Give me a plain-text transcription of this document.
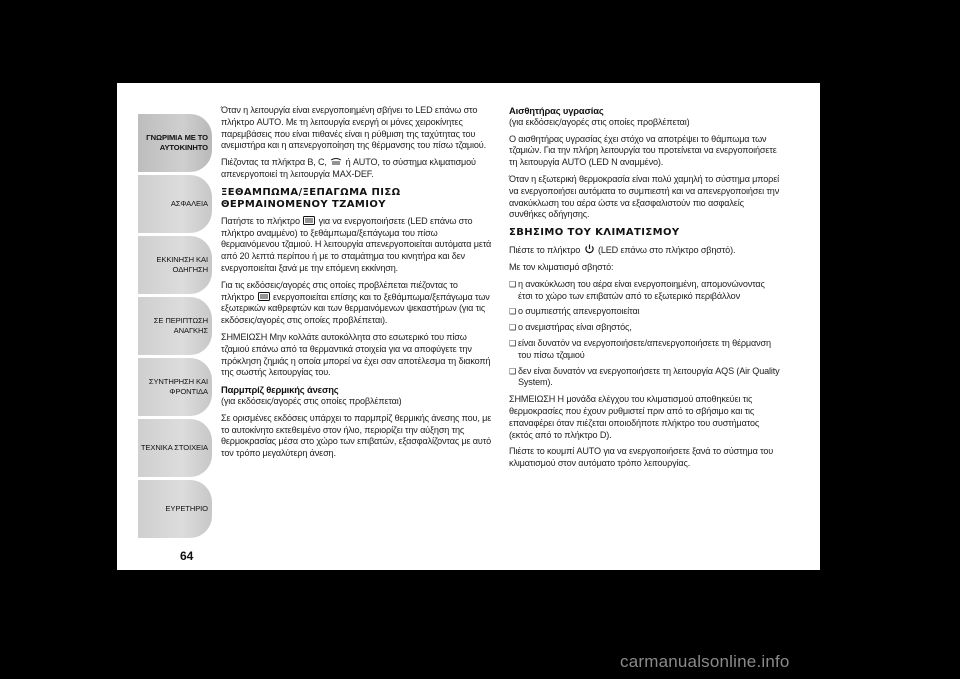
ΓΝΩΡΙΜΙΑ ΜΕ ΤΟ
ΑΥΤΟΚΙΝΗΤΟ
ΑΣΦΑΛΕΙΑ
ΕΚΚΙΝΗΣΗ ΚΑΙ
ΟΔΗΓΗΣΗ
ΣΕ ΠΕΡΙΠΤΩΣΗ
ΑΝΑΓΚΗΣ
ΣΥΝΤΗΡΗΣΗ ΚΑΙ
ΦΡΟΝΤΙΔΑ
ΤΕΧΝΙΚΑ ΣΤΟΙΧΕΙΑ
ΕΥΡΕΤΗΡΙΟ
64

Όταν η λειτουργία είναι ενεργοποιημένη σβήνει το LED επάνω στο πλήκτρο AUTO. Με τη λειτουργία ενεργή οι μόνες χειροκίνητες παρεμβάσεις που είναι πιθανές είναι η ρύθμιση της ταχύτητας του ανεμιστήρα και η απενεργοποίηση της θέρμανσης του πίσω τζαμιού.

Πιέζοντας τα πλήκτρα B, C, ή AUTO, το σύστημα κλιματισμού απενεργοποιεί τη λειτουργία MAX-DEF.

ΞΕΘΑΜΠΩΜΑ/ΞΕΠΑΓΩΜΑ ΠΙΣΩ ΘΕΡΜΑΙΝΟΜΕΝΟΥ ΤΖΑΜΙΟΥ

Πατήστε το πλήκτρο για να ενεργοποιήσετε (LED επάνω στο πλήκτρο αναμμένο) το ξεθάμπωμα/ξεπάγωμα του πίσω θερμαινόμενου τζαμιού. Η λειτουργία απενεργοποιείται αυτόματα μετά από 20 λεπτά περίπου ή με το σταμάτημα του κινητήρα και δεν ενεργοποιείται ξανά με την επόμενη εκκίνηση.

Για τις εκδόσεις/αγορές στις οποίες προβλέπεται πιέζοντας το πλήκτρο ενεργοποιείται επίσης και το ξεθάμπωμα/ξεπάγωμα των εξωτερικών καθρεφτών και των θερμαινόμενων ψεκαστήρων (για τις εκδόσεις/αγορές στις οποίες προβλέπεται).

ΣΗΜΕΙΩΣΗ Μην κολλάτε αυτοκόλλητα στο εσωτερικό του πίσω τζαμιού επάνω από τα θερμαντικά στοιχεία για να αποφύγετε την πρόκληση ζημιάς η οποία μπορεί να έχει σαν αποτέλεσμα τη διακοπή της σωστής λειτουργίας του.

Παρμπρίζ θερμικής άνεσης

(για εκδόσεις/αγορές στις οποίες προβλέπεται)

Σε ορισμένες εκδόσεις υπάρχει το παρμπρίζ θερμικής άνεσης που, με το αυτοκίνητο εκτεθειμένο στον ήλιο, περιορίζει την αύξηση της θερμοκρασίας μέσα στο χώρο των επιβατών, εξασφαλίζοντας με αυτό τον τρόπο μεγαλύτερη άνεση.

Αισθητήρας υγρασίας

(για εκδόσεις/αγορές στις οποίες προβλέπεται)

Ο αισθητήρας υγρασίας έχει στόχο να αποτρέψει το θάμπωμα των τζαμιών. Για την πλήρη λειτουργία του προτείνεται να ενεργοποιήσετε τη λειτουργία AUTO (LED N αναμμένο).

Όταν η εξωτερική θερμοκρασία είναι πολύ χαμηλή το σύστημα μπορεί να ενεργοποιήσει αυτόματα το συμπιεστή και να απενεργοποιήσει την ανακύκλωση του αέρα ώστε να εξασφαλιστούν πιο ασφαλείς συνθήκες οδήγησης.

ΣΒΗΣΙΜΟ ΤΟΥ ΚΛΙΜΑΤΙΣΜΟΥ

Πιέστε το πλήκτρο (LED επάνω στο πλήκτρο σβηστό).

Με τον κλιματισμό σβηστό:

❑ η ανακύκλωση του αέρα είναι ενεργοποιημένη, απομονώνοντας έτσι το χώρο των επιβατών από το εξωτερικό περιβάλλον
❑ ο συμπιεστής απενεργοποιείται
❑ ο ανεμιστήρας είναι σβηστός,
❑ είναι δυνατόν να ενεργοποιήσετε/απενεργοποιήσετε τη θέρμανση του πίσω τζαμιού
❑ δεν είναι δυνατόν να ενεργοποιήσετε τη λειτουργία AQS (Air Quality System).

ΣΗΜΕΙΩΣΗ Η μονάδα ελέγχου του κλιματισμού αποθηκεύει τις θερμοκρασίες που έχουν ρυθμιστεί πριν από το σβήσιμο και τις επαναφέρει όταν πιέζεται οποιοδήποτε πλήκτρο του συστήματος (εκτός από το πλήκτρο D).

Πιέστε το κουμπί AUTO για να ενεργοποιήσετε ξανά το σύστημα του κλιματισμού στον αυτόματο τρόπο λειτουργίας.

carmanualsonline.info
